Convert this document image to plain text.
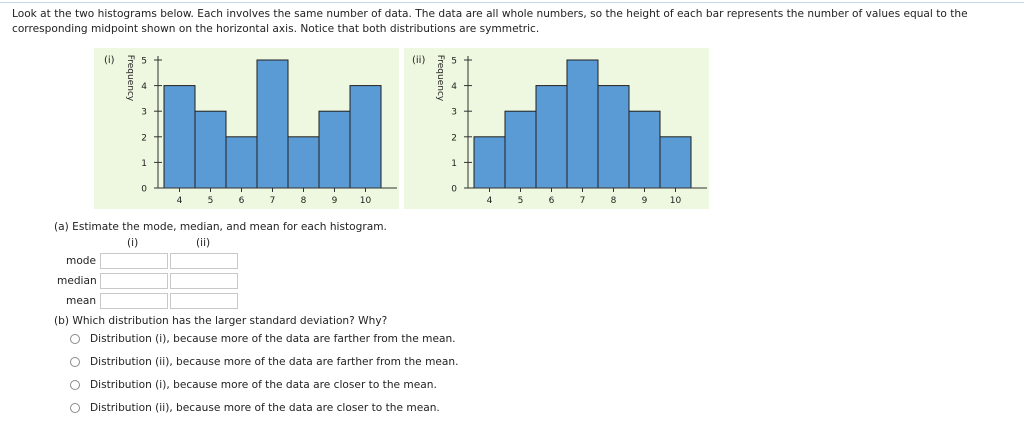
Look at the two histograms below. Each involves the same number of data. The data are all whole numbers, so the height of each bar represents the number of values equal to the corresponding midpoint shown on the horizontal axis. Notice that both distributions are symmetric.
(i) Frequency
0
1
2
3
4
5
4	5	6	7	8	9 10
(ii) Frequency
0
1
2
3
4
5
4	5	6	7	8	9 10
(a) Estimate the mode, median, and mean for each histogram.
(i)	(ii)
mode
median
mean
(b) Which distribution has the larger standard deviation? Why?
Distribution (i), because more of the data are farther from the mean.
Distribution (ii), because more of the data are farther from the mean.
Distribution (i), because more of the data are closer to the mean.
Distribution (ii), because more of the data are closer to the mean.
